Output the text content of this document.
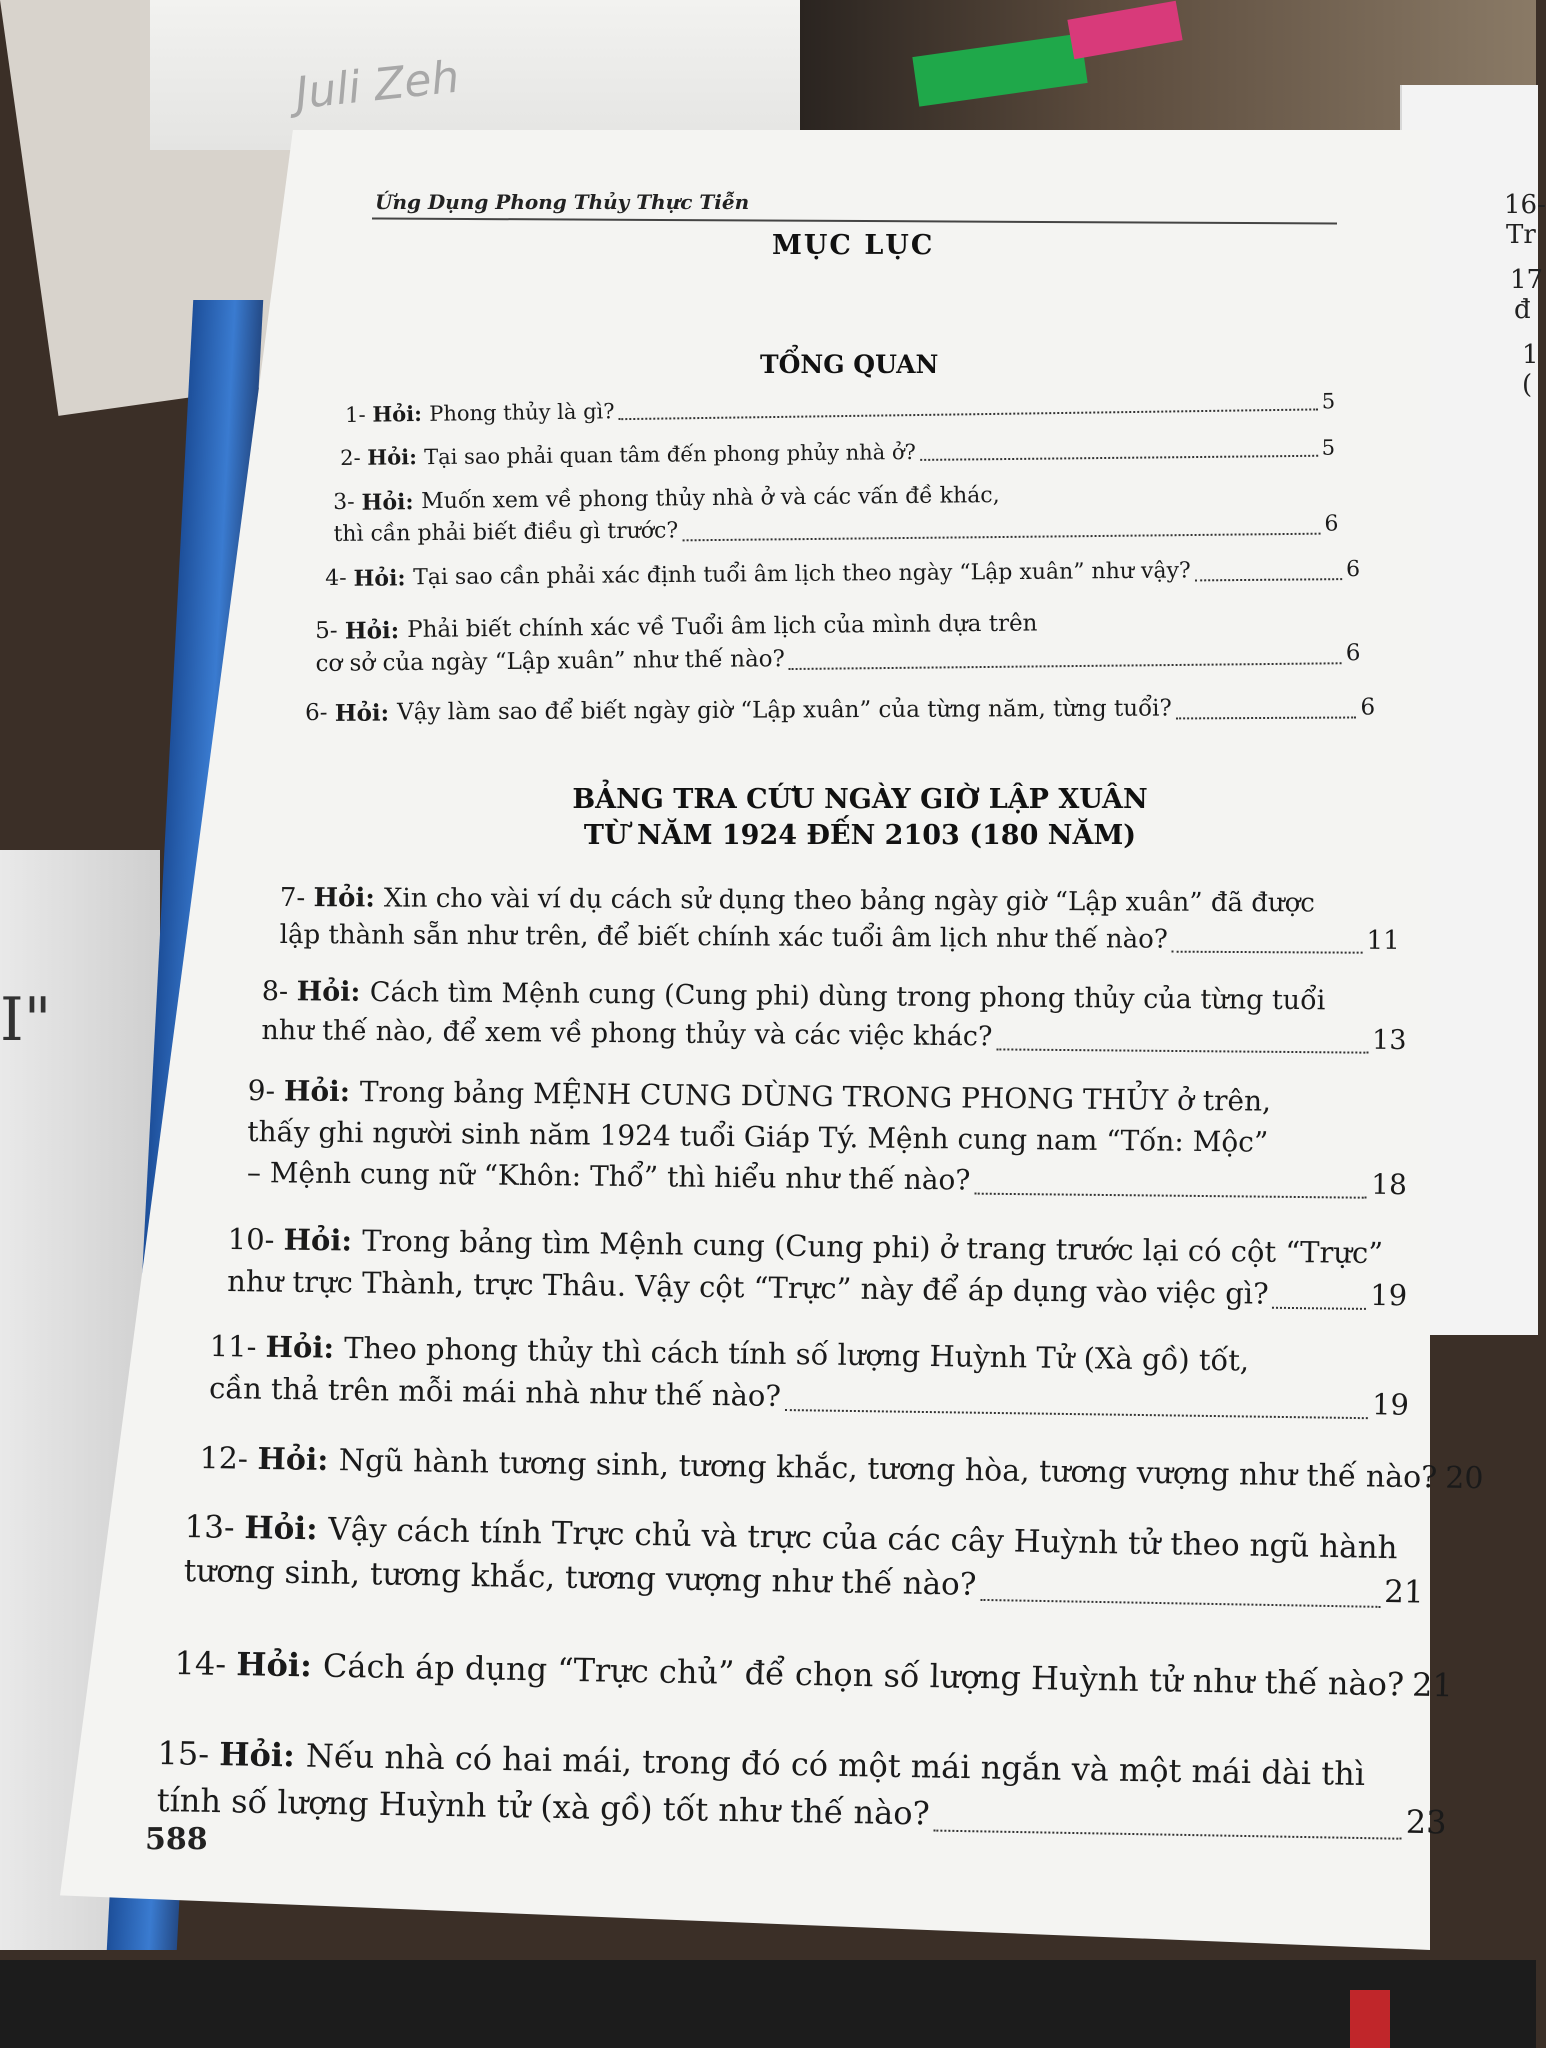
Juli Zeh
I"
16-
Tr
17
đ
1
(
Ứng Dụng Phong Thủy Thực Tiễn
MỤC LỤC
TỔNG QUAN
BẢNG TRA CỨU NGÀY GIỜ LẬP XUÂN
TỪ NĂM 1924 ĐẾN 2103 (180 NĂM)
1- Hỏi: Phong thủy là gì?	5
2- Hỏi: Tại sao phải quan tâm đến phong phủy nhà ở?	5
3- Hỏi: Muốn xem về phong thủy nhà ở và các vấn đề khác,
thì cần phải biết điều gì trước?	6
4- Hỏi: Tại sao cần phải xác định tuổi âm lịch theo ngày “Lập xuân” như vậy?	6
5- Hỏi: Phải biết chính xác về Tuổi âm lịch của mình dựa trên
cơ sở của ngày “Lập xuân” như thế nào?	6
6- Hỏi: Vậy làm sao để biết ngày giờ “Lập xuân” của từng năm, từng tuổi?	6
7- Hỏi: Xin cho vài ví dụ cách sử dụng theo bảng ngày giờ “Lập xuân” đã được
lập thành sẵn như trên, để biết chính xác tuổi âm lịch như thế nào?	11
8- Hỏi: Cách tìm Mệnh cung (Cung phi) dùng trong phong thủy của từng tuổi
như thế nào, để xem về phong thủy và các việc khác?	13
9- Hỏi: Trong bảng MỆNH CUNG DÙNG TRONG PHONG THỦY ở trên,
thấy ghi người sinh năm 1924 tuổi Giáp Tý. Mệnh cung nam “Tốn: Mộc”
– Mệnh cung nữ “Khôn: Thổ” thì hiểu như thế nào?	18
10- Hỏi: Trong bảng tìm Mệnh cung (Cung phi) ở trang trước lại có cột “Trực”
như trực Thành, trực Thâu. Vậy cột “Trực” này để áp dụng vào việc gì?	19
11- Hỏi: Theo phong thủy thì cách tính số lượng Huỳnh Tử (Xà gồ) tốt,
cần thả trên mỗi mái nhà như thế nào?	19
12- Hỏi: Ngũ hành tương sinh, tương khắc, tương hòa, tương vượng như thế nào? 20
13- Hỏi: Vậy cách tính Trực chủ và trực của các cây Huỳnh tử theo ngũ hành
tương sinh, tương khắc, tương vượng như thế nào?	21
14- Hỏi: Cách áp dụng “Trực chủ” để chọn số lượng Huỳnh tử như thế nào? 21
15- Hỏi: Nếu nhà có hai mái, trong đó có một mái ngắn và một mái dài thì
tính số lượng Huỳnh tử (xà gồ) tốt như thế nào?	23
588
